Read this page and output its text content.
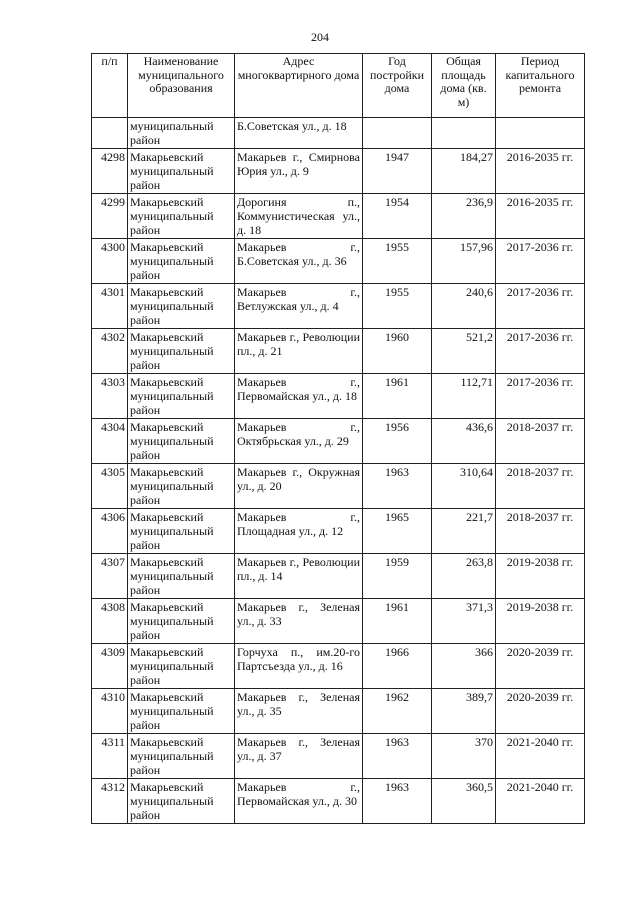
204
п/п	Наименование муниципального образования	Адрес многоквартирного дома	Год постройки дома	Общая площадь дома (кв. м)	Период капитального ремонта
	муниципальный район	Б.Советская ул., д. 18			
4298	Макарьевский муниципальный район	Макарьев г., Смирнова Юрия ул., д. 9	1947	184,27	2016-2035 гг.
4299	Макарьевский муниципальный район	Дорогиня п., Коммунистическая ул., д. 18	1954	236,9	2016-2035 гг.
4300	Макарьевский муниципальный район	Макарьев г., Б.Советская ул., д. 36	1955	157,96	2017-2036 гг.
4301	Макарьевский муниципальный район	Макарьев г., Ветлужская ул., д. 4	1955	240,6	2017-2036 гг.
4302	Макарьевский муниципальный район	Макарьев г., Революции пл., д. 21	1960	521,2	2017-2036 гг.
4303	Макарьевский муниципальный район	Макарьев г., Первомайская ул., д. 18	1961	112,71	2017-2036 гг.
4304	Макарьевский муниципальный район	Макарьев г., Октябрьская ул., д. 29	1956	436,6	2018-2037 гг.
4305	Макарьевский муниципальный район	Макарьев г., Окружная ул., д. 20	1963	310,64	2018-2037 гг.
4306	Макарьевский муниципальный район	Макарьев г., Площадная ул., д. 12	1965	221,7	2018-2037 гг.
4307	Макарьевский муниципальный район	Макарьев г., Революции пл., д. 14	1959	263,8	2019-2038 гг.
4308	Макарьевский муниципальный район	Макарьев г., Зеленая ул., д. 33	1961	371,3	2019-2038 гг.
4309	Макарьевский муниципальный район	Горчуха п., им.20-го Партсъезда ул., д. 16	1966	366	2020-2039 гг.
4310	Макарьевский муниципальный район	Макарьев г., Зеленая ул., д. 35	1962	389,7	2020-2039 гг.
4311	Макарьевский муниципальный район	Макарьев г., Зеленая ул., д. 37	1963	370	2021-2040 гг.
4312	Макарьевский муниципальный район	Макарьев г., Первомайская ул., д. 30	1963	360,5	2021-2040 гг.
